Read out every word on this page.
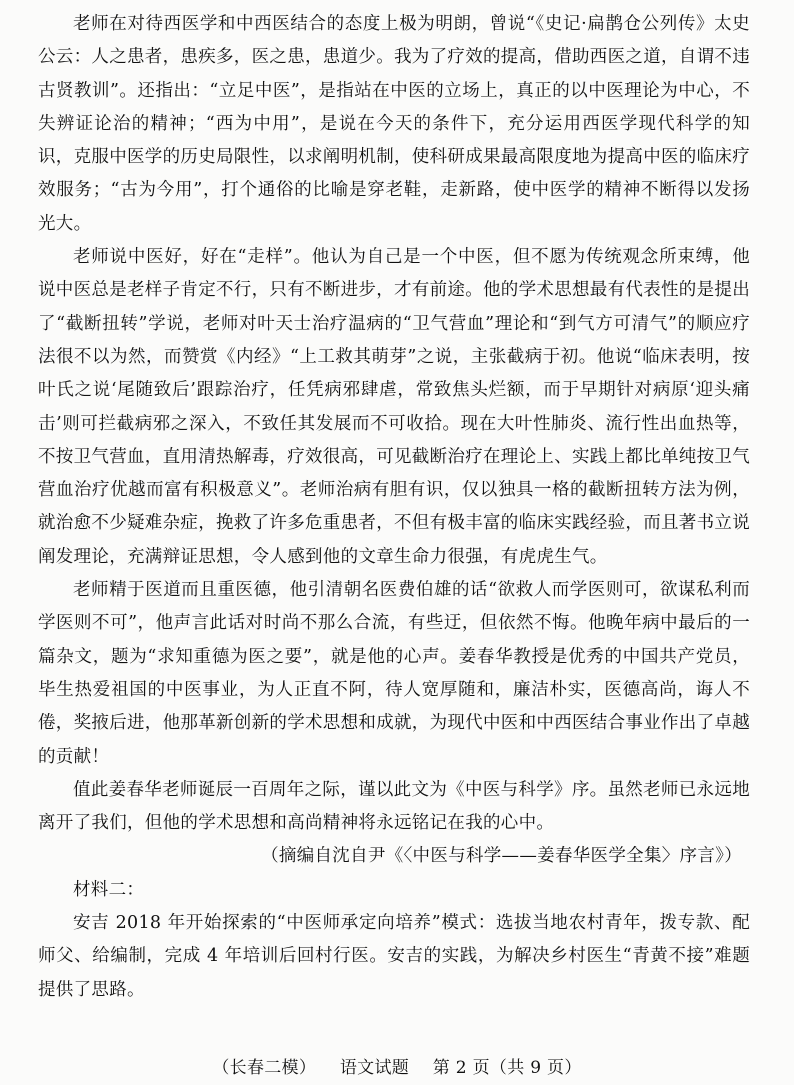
老师在对待西医学和中西医结合的态度上极为明朗，曾说“《史记·扁鹊仓公列传》太史公云：人之患者，患疾多，医之患，患道少。我为了疗效的提高，借助西医之道，自谓不违古贤教训”。还指出：“立足中医”，是指站在中医的立场上，真正的以中医理论为中心，不失辨证论治的精神；“西为中用”，是说在今天的条件下，充分运用西医学现代科学的知识，克服中医学的历史局限性，以求阐明机制，使科研成果最高限度地为提高中医的临床疗效服务；“古为今用”，打个通俗的比喻是穿老鞋，走新路，使中医学的精神不断得以发扬光大。

老师说中医好，好在“走样”。他认为自己是一个中医，但不愿为传统观念所束缚，他说中医总是老样子肯定不行，只有不断进步，才有前途。他的学术思想最有代表性的是提出了“截断扭转”学说，老师对叶天士治疗温病的“卫气营血”理论和“到气方可清气”的顺应疗法很不以为然，而赞赏《内经》“上工救其萌芽”之说，主张截病于初。他说“临床表明，按叶氏之说‘尾随致后’跟踪治疗，任凭病邪肆虐，常致焦头烂额，而于早期针对病原‘迎头痛击’则可拦截病邪之深入，不致任其发展而不可收拾。现在大叶性肺炎、流行性出血热等，不按卫气营血，直用清热解毒，疗效很高，可见截断治疗在理论上、实践上都比单纯按卫气营血治疗优越而富有积极意义”。老师治病有胆有识，仅以独具一格的截断扭转方法为例，就治愈不少疑难杂症，挽救了许多危重患者，不但有极丰富的临床实践经验，而且著书立说阐发理论，充满辩证思想，令人感到他的文章生命力很强，有虎虎生气。

老师精于医道而且重医德，他引清朝名医费伯雄的话“欲救人而学医则可，欲谋私利而学医则不可”，他声言此话对时尚不那么合流，有些迂，但依然不悔。他晚年病中最后的一篇杂文，题为“求知重德为医之要”，就是他的心声。姜春华教授是优秀的中国共产党员，毕生热爱祖国的中医事业，为人正直不阿，待人宽厚随和，廉洁朴实，医德高尚，诲人不倦，奖掖后进，他那革新创新的学术思想和成就，为现代中医和中西医结合事业作出了卓越的贡献！

值此姜春华老师诞辰一百周年之际，谨以此文为《中医与科学》序。虽然老师已永远地离开了我们，但他的学术思想和高尚精神将永远铭记在我的心中。

（摘编自沈自尹《〈中医与科学——姜春华医学全集〉序言》）

材料二：

安吉 2018 年开始探索的“中医师承定向培养”模式：选拔当地农村青年，拨专款、配师父、给编制，完成 4 年培训后回村行医。安吉的实践，为解决乡村医生“青黄不接”难题提供了思路。

（长春二模） 语文试题 第 2 页（共 9 页）
